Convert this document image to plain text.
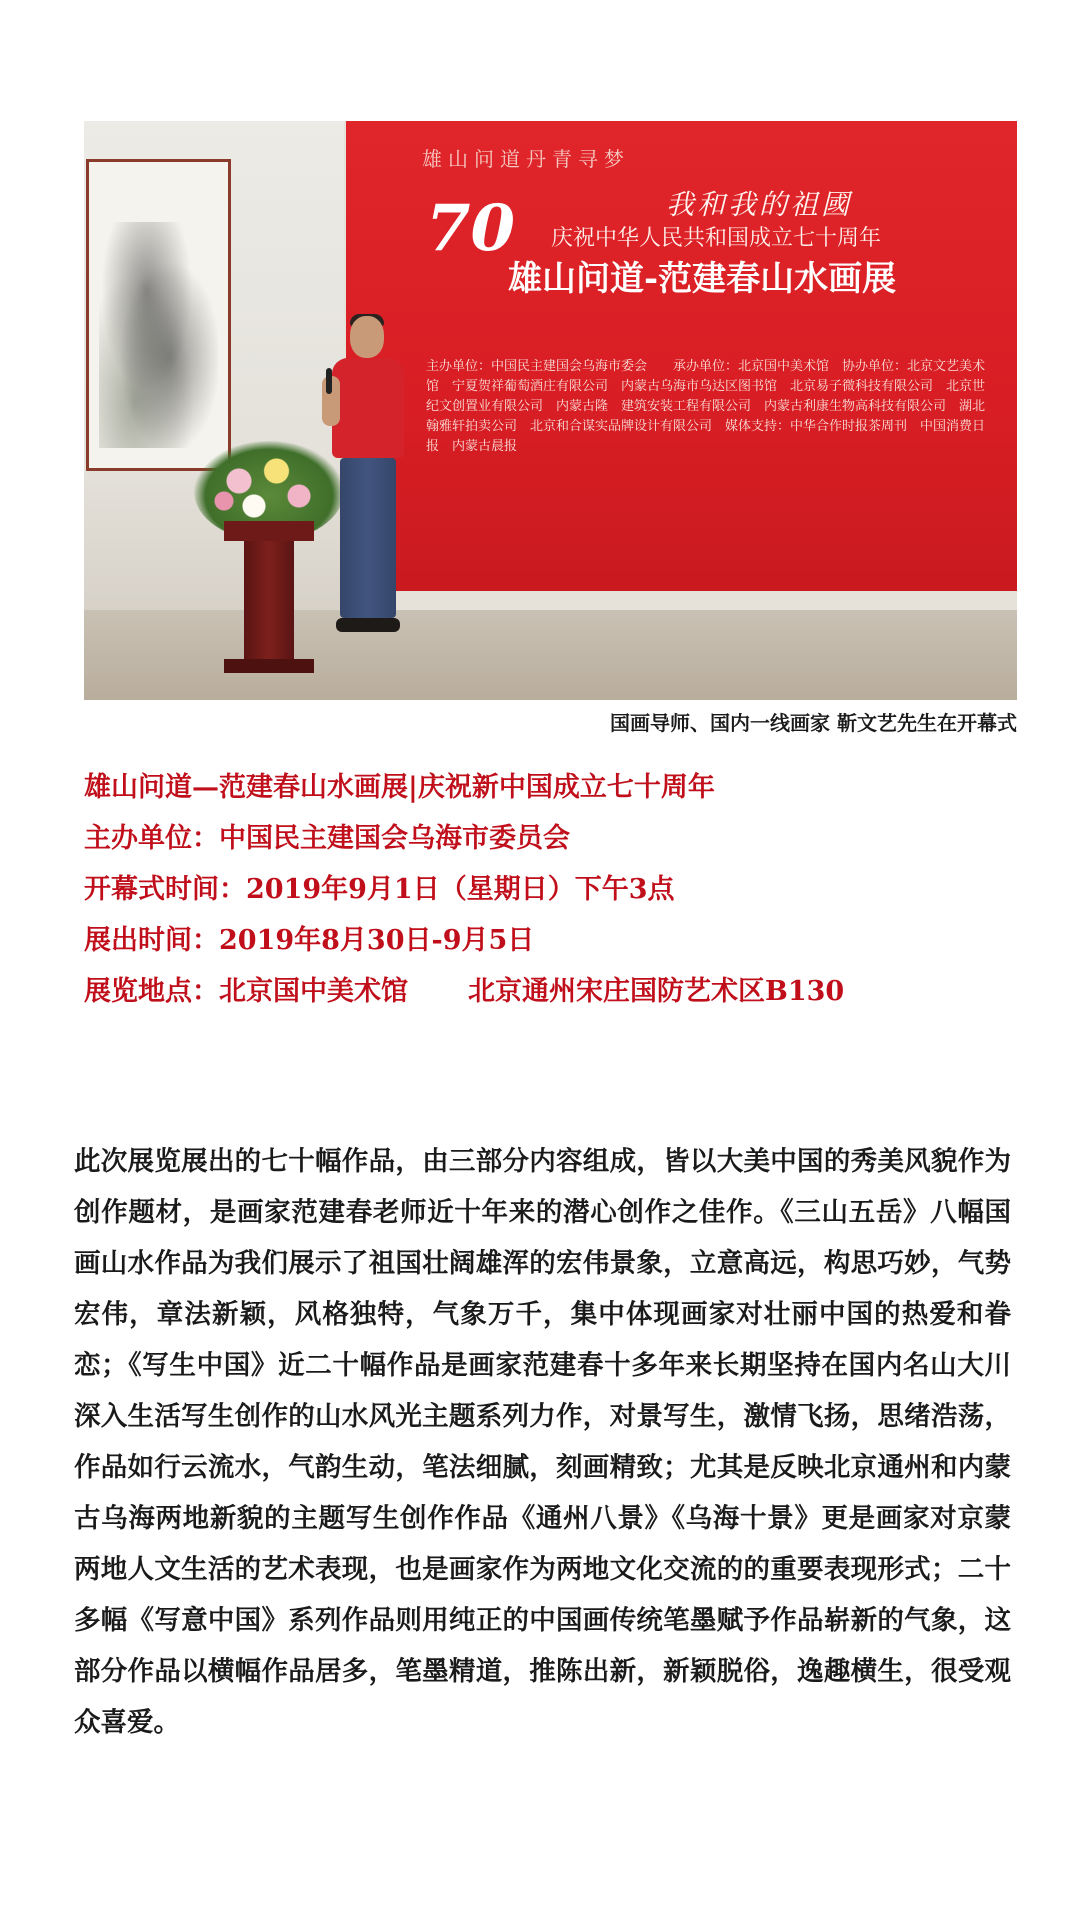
雄山问道丹青寻梦
70	我和我的祖國
庆祝中华人民共和国成立七十周年
雄山问道-范建春山水画展
主办单位：中国民主建国会乌海市委会　　承办单位：北京国中美术馆　协办单位：北京文艺美术馆　宁夏贺祥葡萄酒庄有限公司　内蒙古乌海市乌达区图书馆　北京易子微科技有限公司　北京世纪文创置业有限公司　内蒙古隆　建筑安装工程有限公司　内蒙古利康生物高科技有限公司　湖北翰雅轩拍卖公司　北京和合谋实品牌设计有限公司　媒体支持：中华合作时报茶周刊　中国消费日报　内蒙古晨报
国画导师、国内一线画家 靳文艺先生在开幕式
雄山问道—范建春山水画展|庆祝新中国成立七十周年
主办单位：中国民主建国会乌海市委员会
开幕式时间：2019年9月1日（星期日）下午3点
展出时间：2019年8月30日-9月5日
展览地点：北京国中美术馆 北京通州宋庄国防艺术区B130

此次展览展出的七十幅作品，由三部分内容组成，皆以大美中国的秀美风貌作为创作题材，是画家范建春老师近十年来的潜心创作之佳作。《三山五岳》八幅国画山水作品为我们展示了祖国壮阔雄浑的宏伟景象，立意高远，构思巧妙，气势宏伟，章法新颖，风格独特，气象万千，集中体现画家对壮丽中国的热爱和眷恋；《写生中国》近二十幅作品是画家范建春十多年来长期坚持在国内名山大川深入生活写生创作的山水风光主题系列力作，对景写生，激情飞扬，思绪浩荡，作品如行云流水，气韵生动，笔法细腻，刻画精致；尤其是反映北京通州和内蒙古乌海两地新貌的主题写生创作作品《通州八景》《乌海十景》更是画家对京蒙两地人文生活的艺术表现，也是画家作为两地文化交流的的重要表现形式；二十多幅《写意中国》系列作品则用纯正的中国画传统笔墨赋予作品崭新的气象，这部分作品以横幅作品居多，笔墨精道，推陈出新，新颖脱俗，逸趣横生，很受观众喜爱。
